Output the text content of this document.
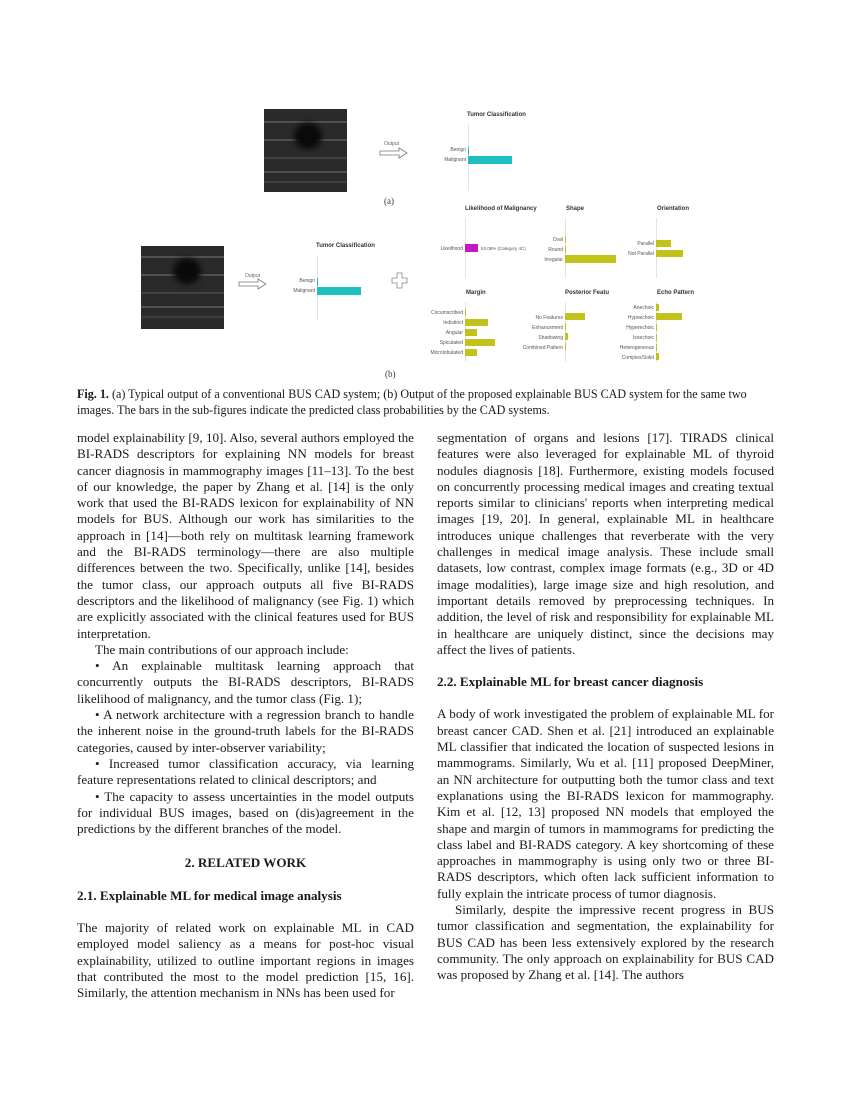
Output
(a)
Tumor Classification
Benign
Malignant
Output
Tumor Classification
Benign
Malignant
Likelihood of Malignancy
Likelihood	63.08% (Category 4C)
Shape
Oval
Round
Irregular
Orientation
Parallel
Not Parallel
Margin
Circumscribed
Indistinct
Angular
Spiculated
Microlobulated
Posterior Featu
No Features
Enhancement
Shadowing
Combined Pattern
Echo Pattern
Anechoic
Hypoechoic
Hyperechoic
Isoechoic
Heterogeneous
Complex/Solid
(b)
Fig. 1. (a) Typical output of a conventional BUS CAD system; (b) Output of the proposed explainable BUS CAD system for the same two images. The bars in the sub-figures indicate the predicted class probabilities by the CAD systems.

model explainability [9, 10]. Also, several authors employed the BI-RADS descriptors for explaining NN models for breast cancer diagnosis in mammography images [11–13]. To the best of our knowledge, the paper by Zhang et al. [14] is the only work that used the BI-RADS lexicon for explainability of NN models for BUS. Although our work has similarities to the approach in [14]—both rely on multitask learning framework and the BI-RADS terminology—there are also multiple differences between the two. Specifically, unlike [14], besides the tumor class, our approach outputs all five BI-RADS descriptors and the likelihood of malignancy (see Fig. 1) which are explicitly associated with the clinical features used for BUS interpretation.

The main contributions of our approach include:

• An explainable multitask learning approach that concurrently outputs the BI-RADS descriptors, BI-RADS likelihood of malignancy, and the tumor class (Fig. 1);

• A network architecture with a regression branch to handle the inherent noise in the ground-truth labels for the BI-RADS categories, caused by inter-observer variability;

• Increased tumor classification accuracy, via learning feature representations related to clinical descriptors; and

• The capacity to assess uncertainties in the model outputs for individual BUS images, based on (dis)agreement in the predictions by the different branches of the model.

2. RELATED WORK

2.1. Explainable ML for medical image analysis

The majority of related work on explainable ML in CAD employed model saliency as a means for post-hoc visual explainability, utilized to outline important regions in images that contributed the most to the model prediction [15, 16]. Similarly, the attention mechanism in NNs has been used for

segmentation of organs and lesions [17]. TIRADS clinical features were also leveraged for explainable ML of thyroid nodules diagnosis [18]. Furthermore, existing models focused on concurrently processing medical images and creating textual reports similar to clinicians' reports when interpreting medical images [19, 20]. In general, explainable ML in healthcare introduces unique challenges that reverberate with the very challenges in medical image analysis. These include small datasets, low contrast, complex image formats (e.g., 3D or 4D image modalities), large image size and high resolution, and important details removed by preprocessing techniques. In addition, the level of risk and responsibility for explainable ML in healthcare are uniquely distinct, since the decisions may affect the lives of patients.

2.2. Explainable ML for breast cancer diagnosis

A body of work investigated the problem of explainable ML for breast cancer CAD. Shen et al. [21] introduced an explainable ML classifier that indicated the location of suspected lesions in mammograms. Similarly, Wu et al. [11] proposed DeepMiner, an NN architecture for outputting both the tumor class and text explanations using the BI-RADS lexicon for mammography. Kim et al. [12, 13] proposed NN models that employed the shape and margin of tumors in mammograms for predicting the class label and BI-RADS category. A key shortcoming of these approaches in mammography is using only two or three BI-RADS descriptors, which often lack sufficient information to fully explain the intricate process of tumor diagnosis.

Similarly, despite the impressive recent progress in BUS tumor classification and segmentation, the explainability for BUS CAD has been less extensively explored by the research community. The only approach on explainability for BUS CAD was proposed by Zhang et al. [14]. The authors
